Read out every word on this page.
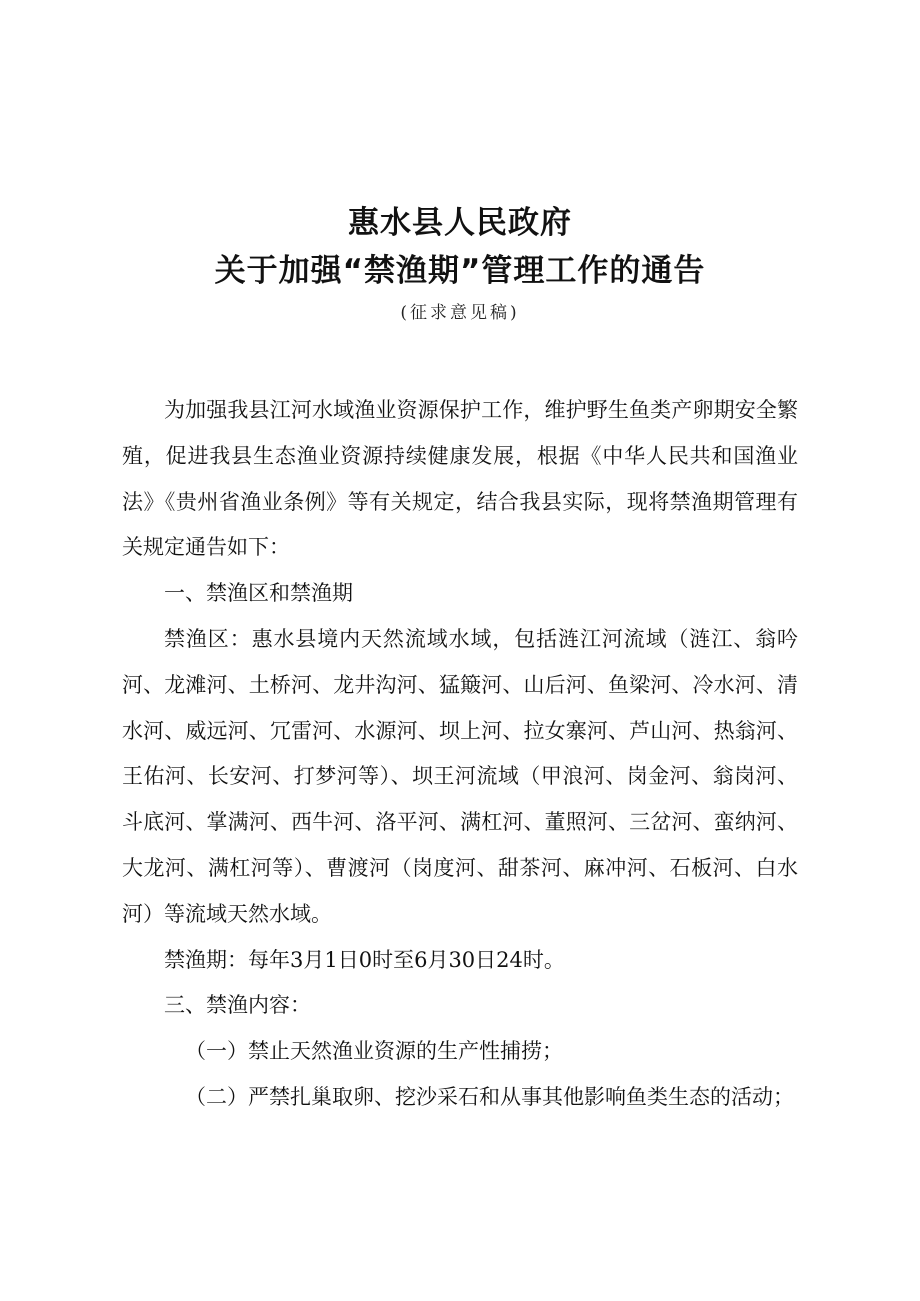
惠水县人民政府
关于加强“禁渔期”管理工作的通告
(征求意见稿)

为加强我县江河水域渔业资源保护工作，维护野生鱼类产卵期安全繁殖，促进我县生态渔业资源持续健康发展，根据《中华人民共和国渔业法》《贵州省渔业条例》等有关规定，结合我县实际，现将禁渔期管理有关规定通告如下：

一、禁渔区和禁渔期

禁渔区：惠水县境内天然流域水域，包括涟江河流域（涟江、翁吟河、龙滩河、土桥河、龙井沟河、猛簸河、山后河、鱼梁河、冷水河、清水河、威远河、冗雷河、水源河、坝上河、拉女寨河、芦山河、热翁河、王佑河、长安河、打梦河等）、坝王河流域（甲浪河、岗金河、翁岗河、斗底河、掌满河、西牛河、洛平河、满杠河、董照河、三岔河、蛮纳河、大龙河、满杠河等）、曹渡河（岗度河、甜茶河、麻冲河、石板河、白水河）等流域天然水域。

禁渔期：每年3月1日0时至6月30日24时。

三、禁渔内容：

（一）禁止天然渔业资源的生产性捕捞；

（二）严禁扎巢取卵、挖沙采石和从事其他影响鱼类生态的活动；
